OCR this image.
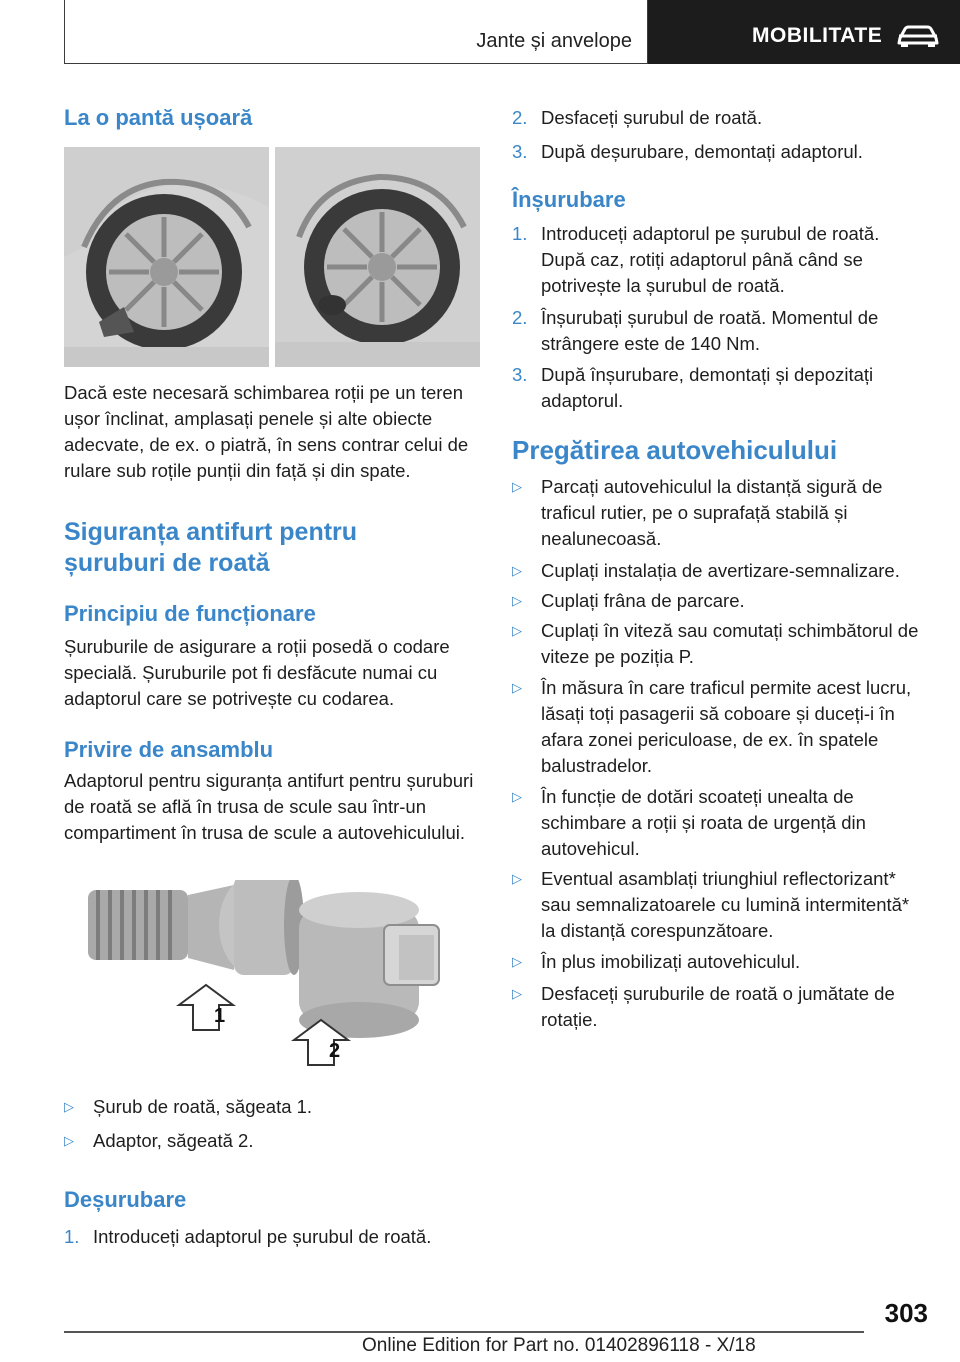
Jante și anvelope	MOBILITATE
La o pantă ușoară

Dacă este necesară schimbarea roții pe un teren ușor înclinat, amplasați penele și alte obiecte adecvate, de ex. o piatră, în sens contrar celui de rulare sub roțile punții din față și din spate.

Siguranța antifurt pentru
șuruburi de roată
Principiu de funcționare

Șuruburile de asigurare a roții posedă o codare specială. Șuruburile pot fi desfăcute numai cu adaptorul care se potrivește cu codarea.

Privire de ansamblu

Adaptorul pentru siguranța antifurt pentru șuruburi de roată se află în trusa de scule sau într-un compartiment în trusa de scule a autovehiculului.

1
2
▷	Șurub de roată, săgeata 1.
▷	Adaptor, săgeată 2.
Deșurubare
1. Introduceți adaptorul pe șurubul de roată.
2. Desfaceți șurubul de roată.
3. După deșurubare, demontați adaptorul.
Înșurubare
1. Introduceți adaptorul pe șurubul de roată. După caz, rotiți adaptorul până când se potrivește la șurubul de roată.
2. Înșurubați șurubul de roată. Momentul de strângere este de 140 Nm.
3. După înșurubare, demontați și depozitați adaptorul.
Pregătirea autovehiculului
▷	Parcați autovehiculul la distanță sigură de traficul rutier, pe o suprafață stabilă și nealunecoasă.
▷	Cuplați instalația de avertizare-semnalizare.
▷	Cuplați frâna de parcare.
▷	Cuplați în viteză sau comutați schimbătorul de viteze pe poziția P.
▷	În măsura în care traficul permite acest lucru, lăsați toți pasagerii să coboare și duceți-i în afara zonei periculoase, de ex. în spatele balustradelor.
▷	În funcție de dotări scoateți unealta de schimbare a roții și roata de urgență din autovehicul.
▷	Eventual asamblați triunghiul reflectorizant* sau semnalizatoarele cu lumină intermitentă* la distanță corespunzătoare.
▷	În plus imobilizați autovehiculul.
▷	Desfaceți șuruburile de roată o jumătate de rotație.
303
Online Edition for Part no. 01402896118 - X/18
